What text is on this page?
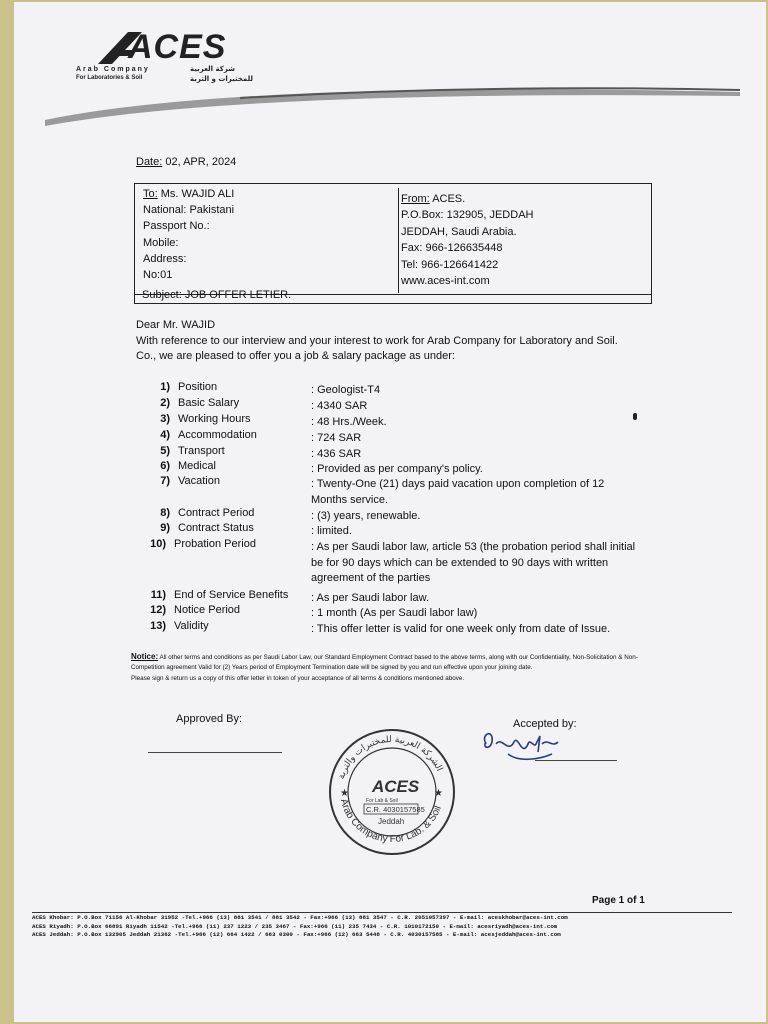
ACES
Arab Company
For Laboratories & Soil
شركة العربية
للمختبرات و التربة
Date: 02, APR, 2024
To: Ms. WAJID ALI
National: Pakistani
Passport No.:
Mobile:
Address:
No:01
From: ACES.
P.O.Box: 132905, JEDDAH
JEDDAH, Saudi Arabia.
Fax: 966-126635448
Tel: 966-126641422
www.aces-int.com
Subject: JOB OFFER LETIER.
Dear Mr. WAJID
With reference to our interview and your interest to work for Arab Company for Laboratory and Soil. Co., we are pleased to offer you a job & salary package as under:
1) Position	: Geologist-T4
2) Basic Salary	: 4340 SAR
3) Working Hours	: 48 Hrs./Week.
4) Accommodation	: 724 SAR
5) Transport	: 436 SAR
6) Medical	: Provided as per company's policy.
7) Vacation	: Twenty-One (21) days paid vacation upon completion of 12 Months service.
8) Contract Period	: (3) years, renewable.
9) Contract Status	: limited.
10) Probation Period	: As per Saudi labor law, article 53 (the probation period shall initial be for 90 days which can be extended to 90 days with written agreement of the parties
11) End of Service Benefits : As per Saudi labor law.
12) Notice Period	: 1 month (As per Saudi labor law)
13) Validity	: This offer letter is valid for one week only from date of Issue.
Notice: All other terms and conditions as per Saudi Labor Law, our Standard Employment Contract based to the above terms, along with our Confidentiality, Non-Solicitation & Non-Competition agreement Valid for (2) Years period of Employment Termination date will be signed by you and run effective upon your joining date.
Please sign & return us a copy of this offer letter in token of your acceptance of all terms & conditions mentioned above.
Approved By:	Accepted by:
الشركة العربية للمختبرات والتربة
Arab Company For Lab. & Soil
★	★
ACES
For Lab & Soil
C.R. 4030157585
Jeddah
Page 1 of 1
ACES Khobar: P.O.Box 71156 Al-Khobar 31952 -Tel.+966 (13) 881 3541 / 881 3542 - Fax:+966 (13) 881 3547 - C.R. 2051057397 - E-mail: aceskhobar@aces-int.com
ACES Riyadh: P.O.Box 66891 Riyadh 11542 -Tel.+966 (11) 237 1223 / 235 3467 - Fax:+966 (11) 235 7434 - C.R. 1010172150 - E-mail: acesriyadh@aces-int.com
ACES Jeddah: P.O.Box 132905 Jeddah 21362 -Tel.+966 (12) 664 1422 / 663 0300 - Fax:+966 (12) 663 5448 - C.R. 4030157585 - E-mail: acesjeddah@aces-int.com
